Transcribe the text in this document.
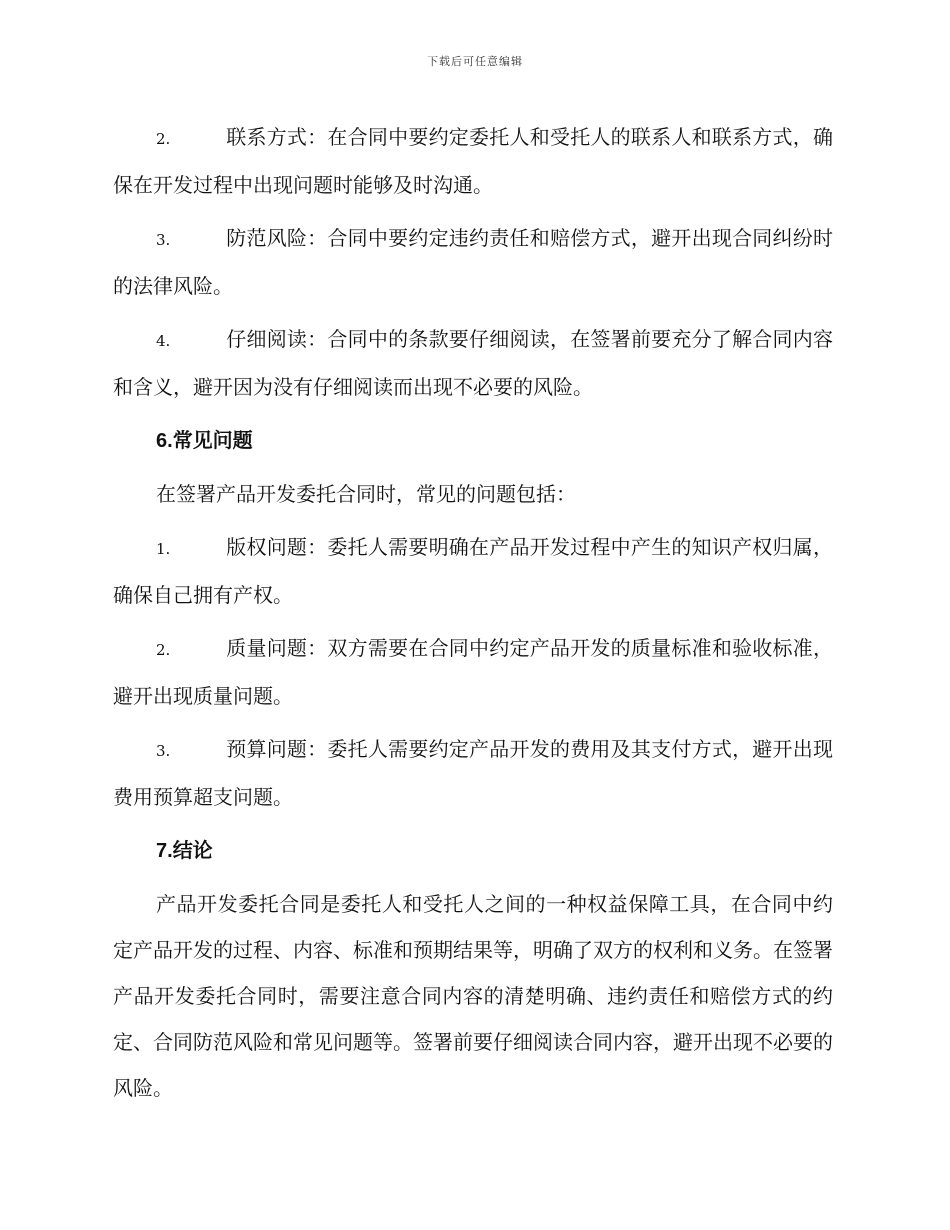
下载后可任意编辑

2.	联系方式：在合同中要约定委托人和受托人的联系人和联系方式，确保在开发过程中出现问题时能够及时沟通。

3.	防范风险：合同中要约定违约责任和赔偿方式，避开出现合同纠纷时的法律风险。

4.	仔细阅读：合同中的条款要仔细阅读，在签署前要充分了解合同内容和含义，避开因为没有仔细阅读而出现不必要的风险。

6.常见问题

在签署产品开发委托合同时，常见的问题包括：

1.	版权问题：委托人需要明确在产品开发过程中产生的知识产权归属，确保自己拥有产权。

2.	质量问题：双方需要在合同中约定产品开发的质量标准和验收标准，避开出现质量问题。

3.	预算问题：委托人需要约定产品开发的费用及其支付方式，避开出现费用预算超支问题。

7.结论

产品开发委托合同是委托人和受托人之间的一种权益保障工具，在合同中约定产品开发的过程、内容、标准和预期结果等，明确了双方的权利和义务。在签署产品开发委托合同时，需要注意合同内容的清楚明确、违约责任和赔偿方式的约定、合同防范风险和常见问题等。签署前要仔细阅读合同内容，避开出现不必要的风险。
